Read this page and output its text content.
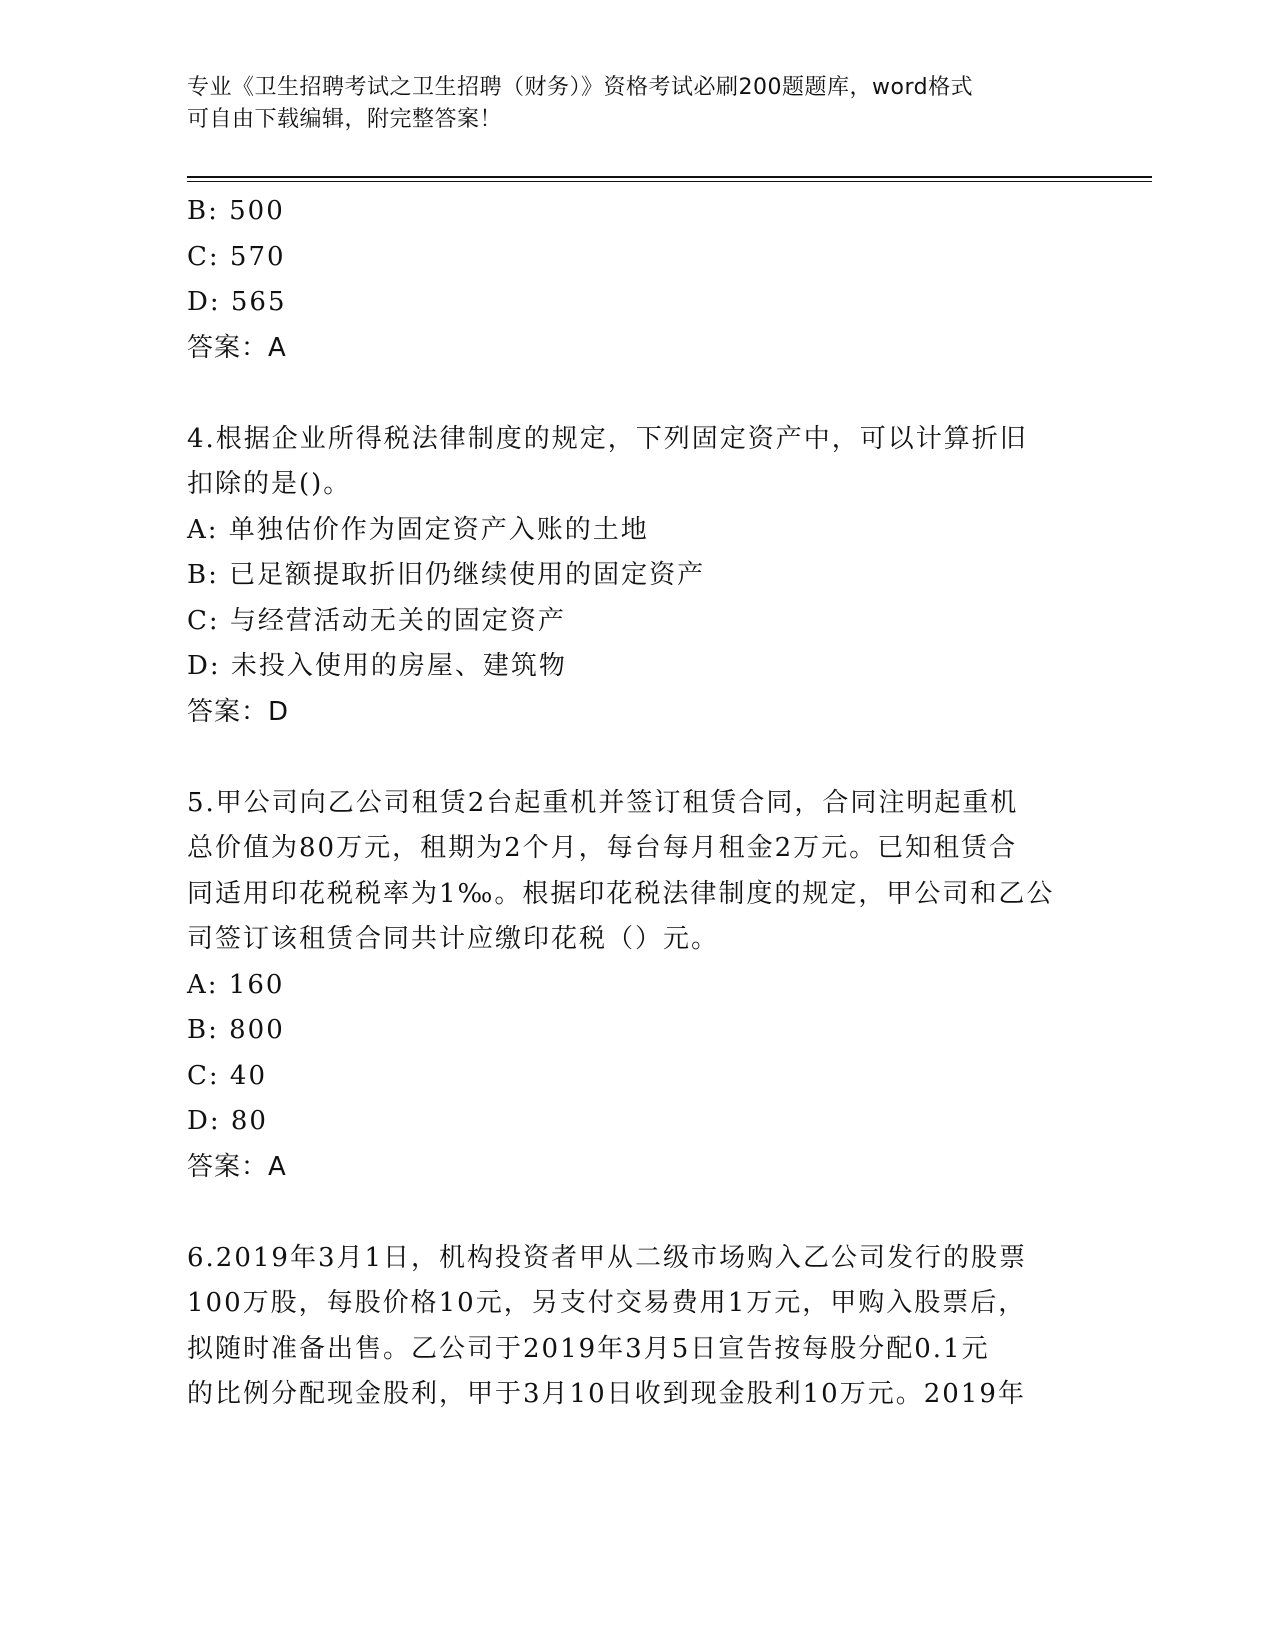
专业《卫生招聘考试之卫生招聘（财务）》资格考试必刷200题题库，word格式
可自由下载编辑，附完整答案！
B: 500
C: 570
D: 565
答案：A
4.根据企业所得税法律制度的规定，下列固定资产中，可以计算折旧
扣除的是()。
A: 单独估价作为固定资产入账的土地
B: 已足额提取折旧仍继续使用的固定资产
C: 与经营活动无关的固定资产
D: 未投入使用的房屋、建筑物
答案：D
5.甲公司向乙公司租赁2台起重机并签订租赁合同，合同注明起重机
总价值为80万元，租期为2个月，每台每月租金2万元。已知租赁合
同适用印花税税率为1‰。根据印花税法律制度的规定，甲公司和乙公
司签订该租赁合同共计应缴印花税（）元。
A: 160
B: 800
C: 40
D: 80
答案：A
6.2019年3月1日，机构投资者甲从二级市场购入乙公司发行的股票
100万股，每股价格10元，另支付交易费用1万元，甲购入股票后，
拟随时准备出售。乙公司于2019年3月5日宣告按每股分配0.1元
的比例分配现金股利，甲于3月10日收到现金股利10万元。2019年
